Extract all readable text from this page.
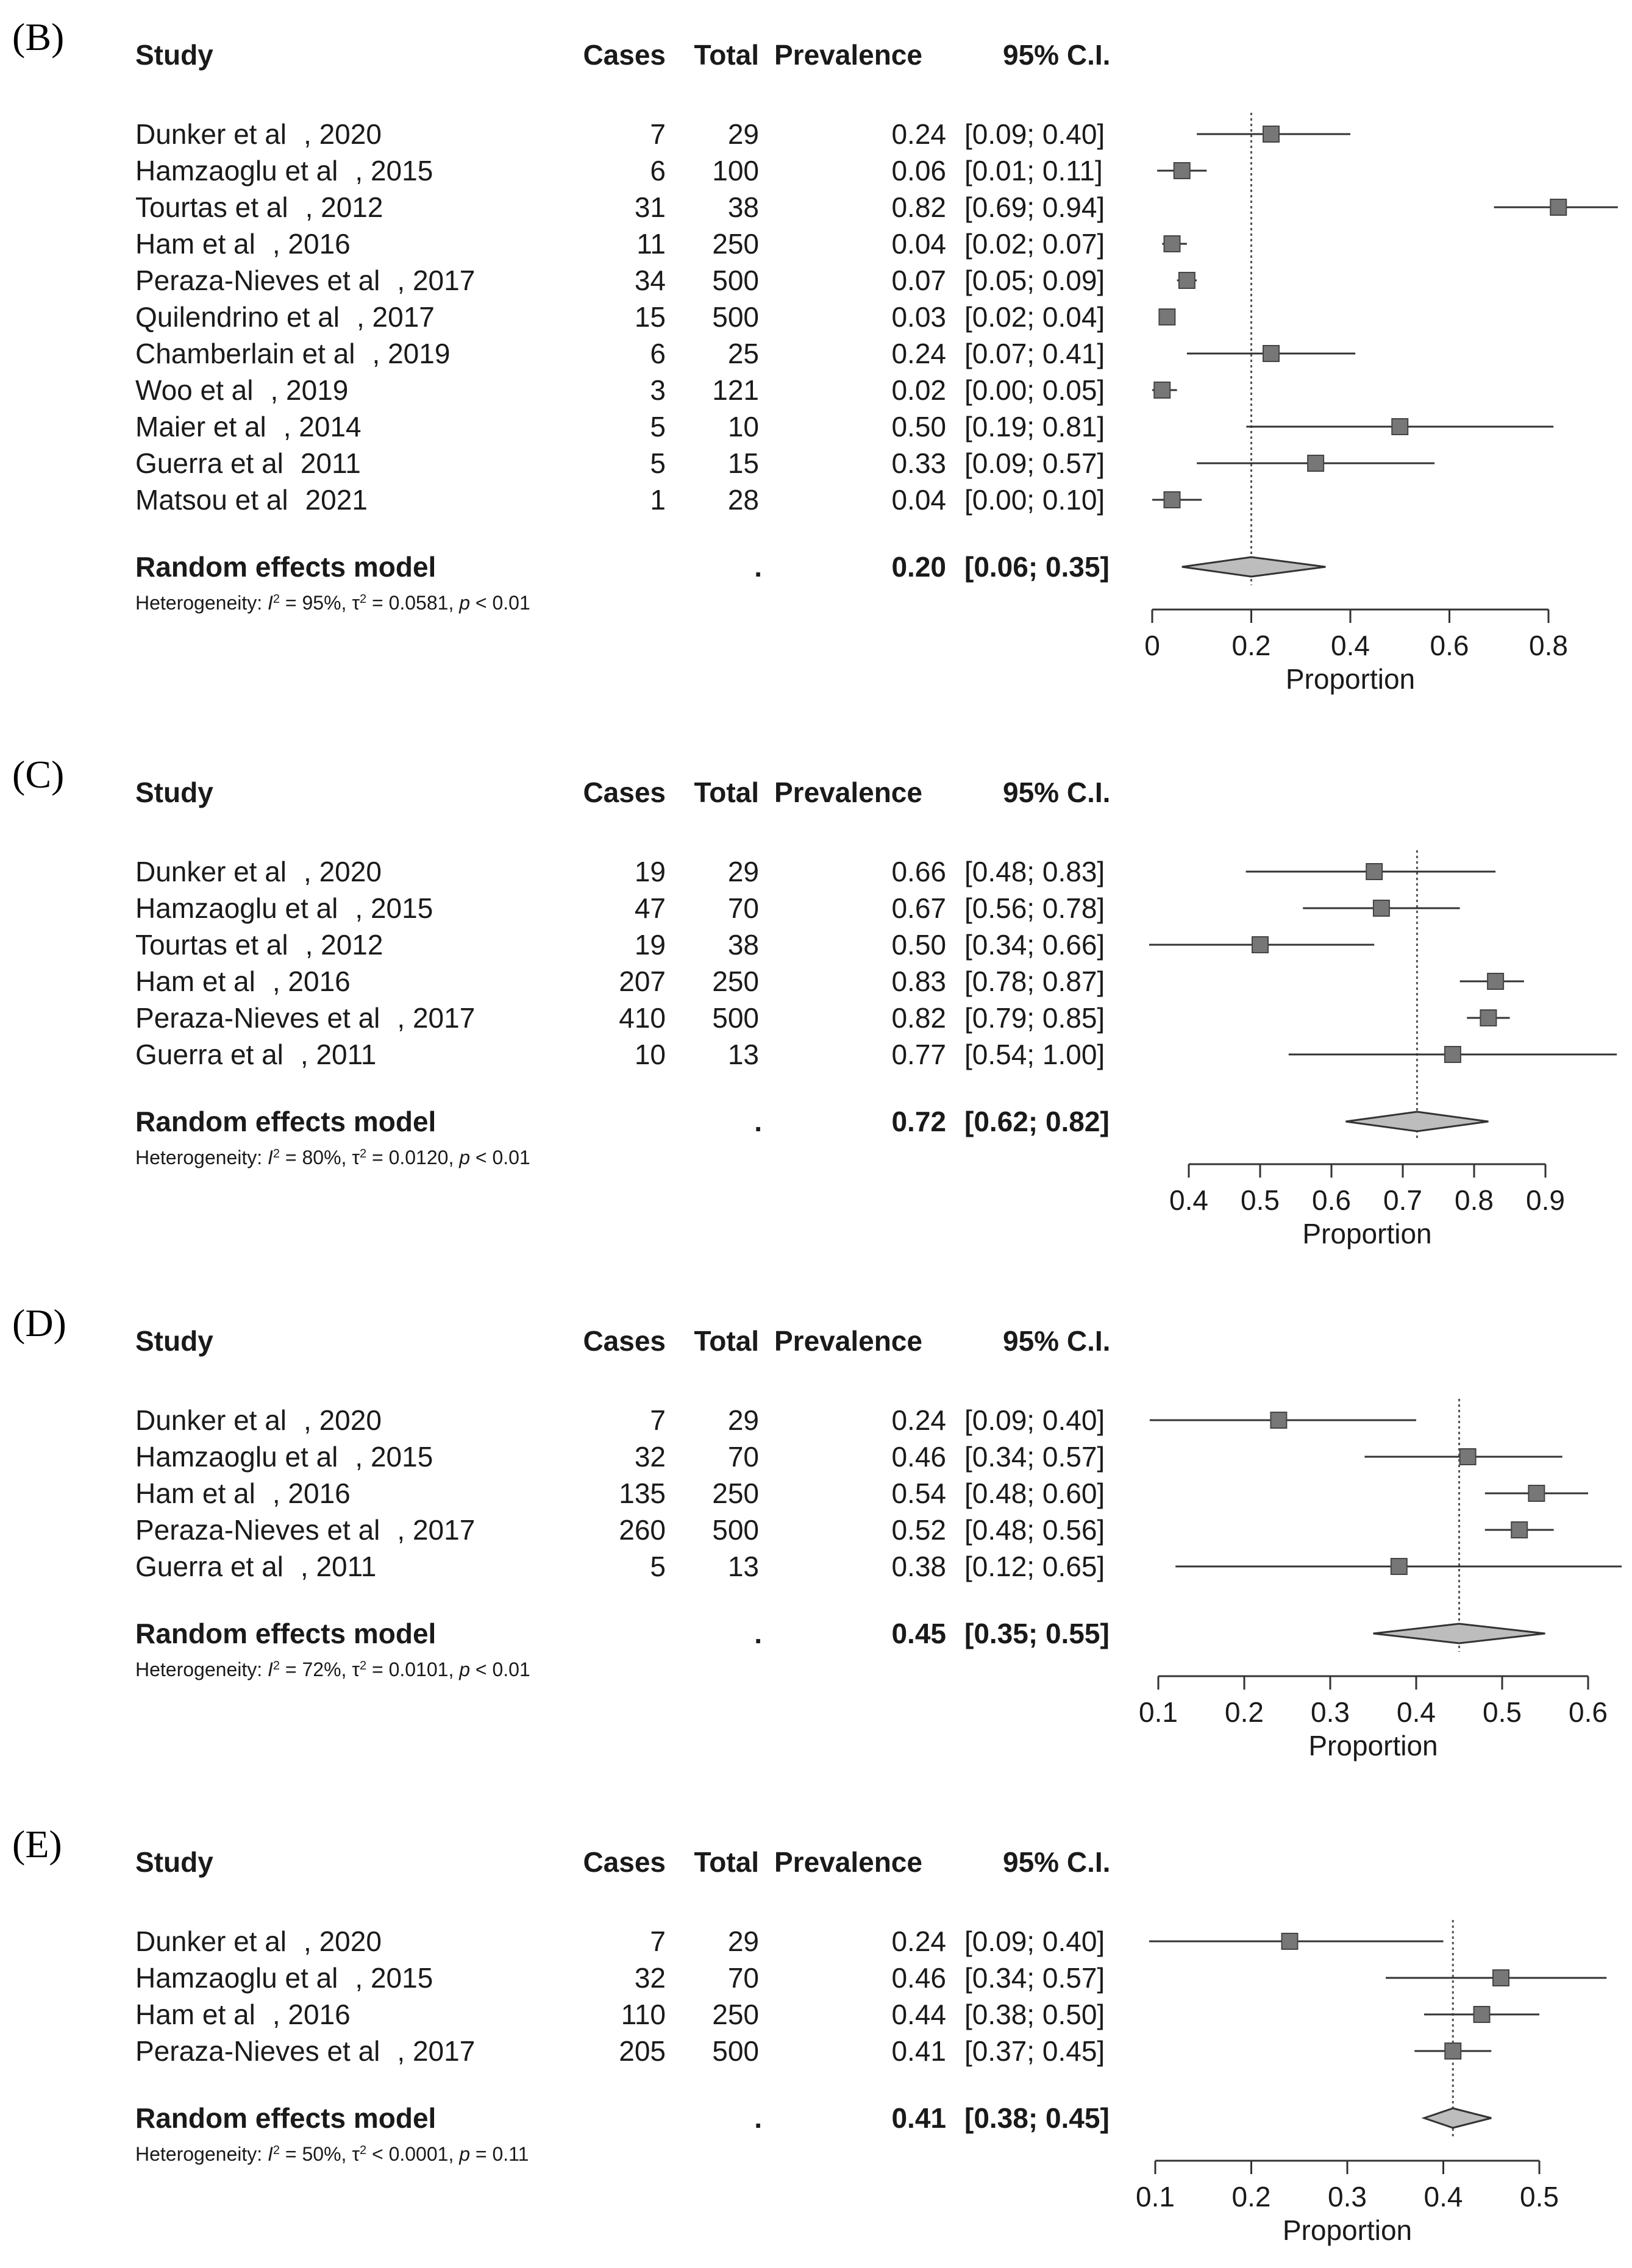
(B)	Study	Cases Total Prevalence	95% C.I.
Dunker et al , 2020	7 29	0.24 [0.09; 0.40]
Hamzaoglu et al , 2015	6 100	0.06 [0.01; 0.11]
Tourtas et al , 2012	31 38	0.82 [0.69; 0.94]
Ham et al , 2016	11 250	0.04 [0.02; 0.07]
Peraza-Nieves et al , 2017	34 500	0.07 [0.05; 0.09]
Quilendrino et al , 2017	15 500	0.03 [0.02; 0.04]
Chamberlain et al , 2019	6 25	0.24 [0.07; 0.41]
Woo et al , 2019	3 121	0.02 [0.00; 0.05]
Maier et al , 2014	5 10	0.50 [0.19; 0.81]
Guerra et al 2011	5 15	0.33 [0.09; 0.57]
Matsou et al 2021	1 28	0.04 [0.00; 0.10]
Random effects model	.	0.20 [0.06; 0.35]
Heterogeneity: $I^2 = 95\%$, $\tau^2 = 0.0581$, p < 0.01
0	0.2 0.4 0.6 0.8
Proportion
(C)	Study	Cases Total Prevalence	95% C.I.
Dunker et al , 2020	19 29	0.66 [0.48; 0.83]
Hamzaoglu et al , 2015	47 70	0.67 [0.56; 0.78]
Tourtas et al , 2012	19 38	0.50 [0.34; 0.66]
Ham et al , 2016	207 250	0.83 [0.78; 0.87]
Peraza-Nieves et al , 2017	410 500	0.82 [0.79; 0.85]
Guerra et al , 2011	10 13	0.77 [0.54; 1.00]
Random effects model	.	0.72 [0.62; 0.82]
Heterogeneity: $I^2 = 80\%$, $\tau^2 = 0.0120$, p < 0.01
0.4 0.5 0.6 0.7 0.8 0.9
Proportion
(D) Study	Cases Total Prevalence	95% C.I.
Dunker et al , 2020	7 29	0.24 [0.09; 0.40]
Hamzaoglu et al , 2015	32 70	0.46 [0.34; 0.57]
Ham et al , 2016	135 250	0.54 [0.48; 0.60]
Peraza-Nieves et al , 2017	260 500	0.52 [0.48; 0.56]
Guerra et al , 2011	5 13	0.38 [0.12; 0.65]
Random effects model	.	0.45 [0.35; 0.55]
Heterogeneity: $I^2 = 72\%$, $\tau^2 = 0.0101$, p < 0.01
0.1 0.2 0.3 0.4 0.5 0.6
Proportion
(E)	Study	Cases Total Prevalence	95% C.I.
Dunker et al , 2020	7 29	0.24 [0.09; 0.40]
Hamzaoglu et al , 2015	32 70	0.46 [0.34; 0.57]
Ham et al , 2016	110 250	0.44 [0.38; 0.50]
Peraza-Nieves et al , 2017	205 500	0.41 [0.37; 0.45]
Random effects model	.	0.41 [0.38; 0.45]
Heterogeneity: $I^2 = 50\%$, $\tau^2 < 0.0001$, p = 0.11
0.1 0.2 0.3 0.4 0.5
Proportion
